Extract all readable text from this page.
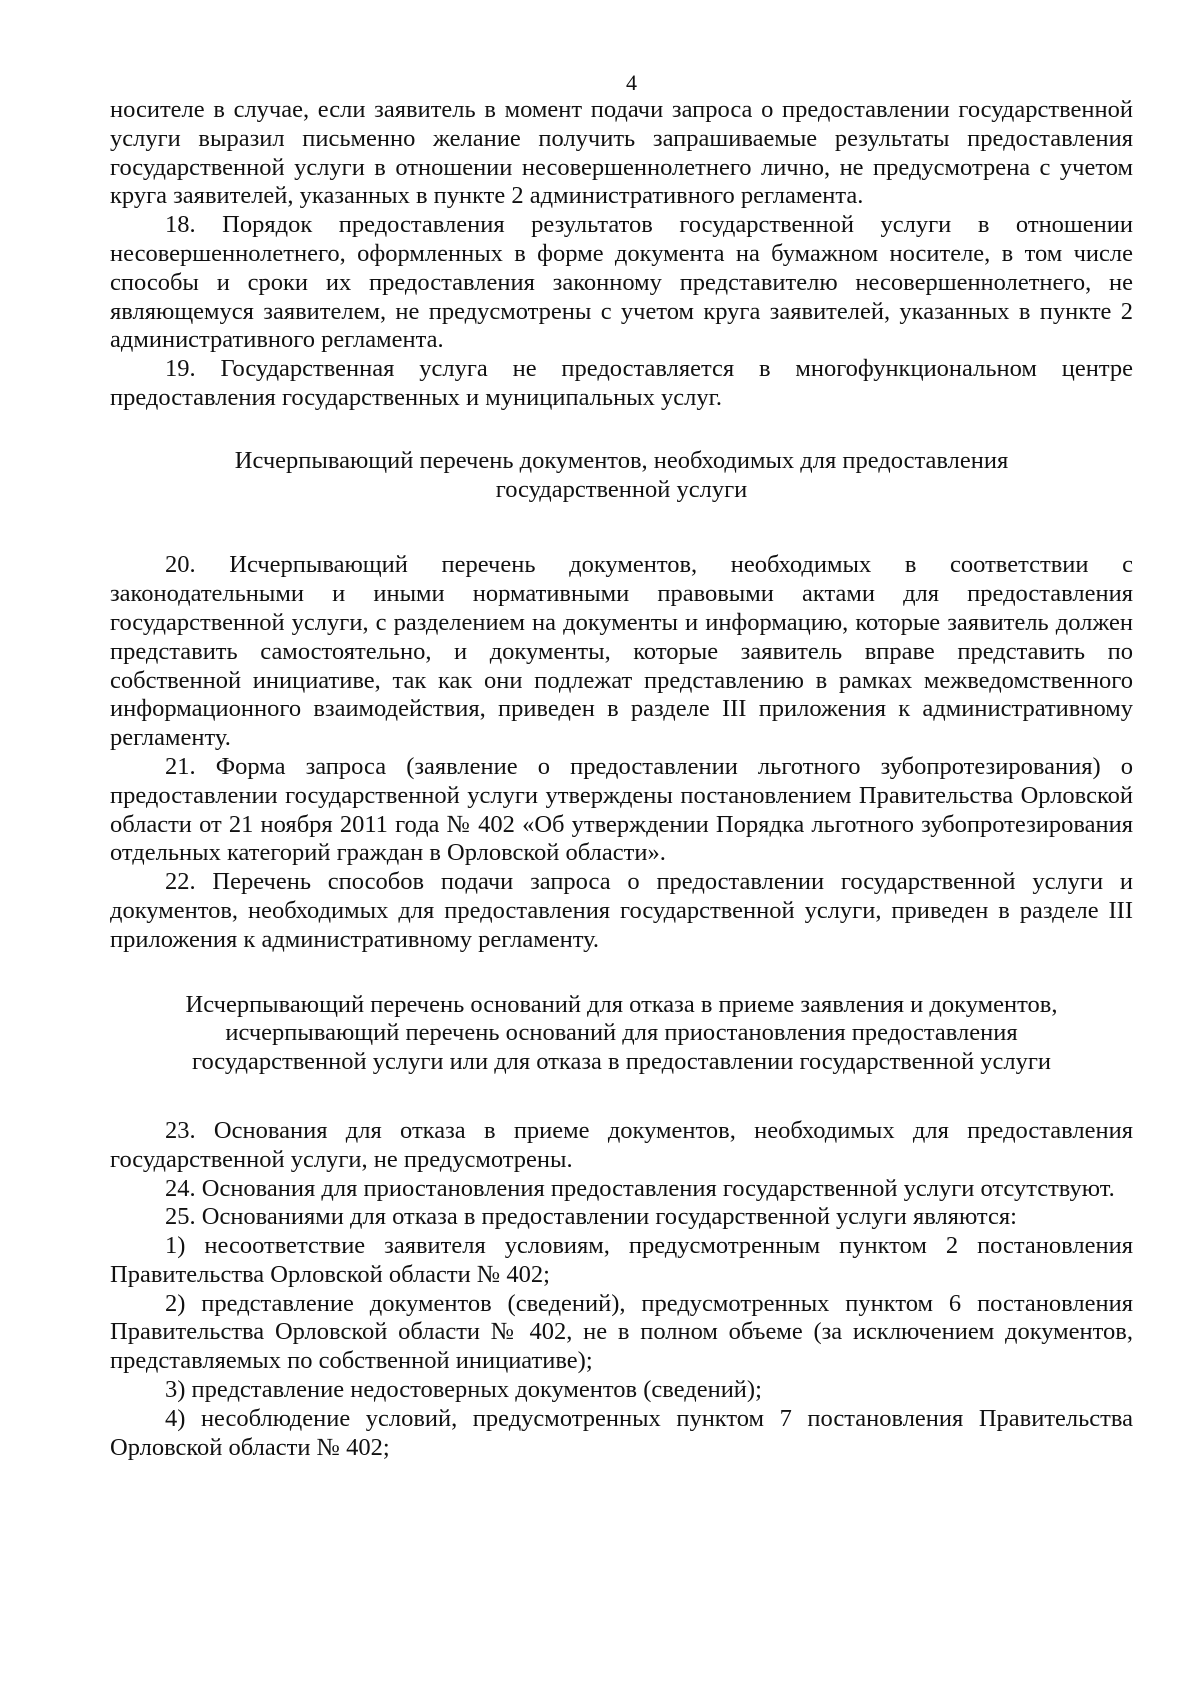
4

носителе в случае, если заявитель в момент подачи запроса о предоставлении государственной услуги выразил письменно желание получить запрашиваемые результаты предоставления государственной услуги в отношении несовершеннолетнего лично, не предусмотрена с учетом круга заявителей, указанных в пункте 2 административного регламента.

18. Порядок предоставления результатов государственной услуги в отношении несовершеннолетнего, оформленных в форме документа на бумажном носителе, в том числе способы и сроки их предоставления законному представителю несовершеннолетнего, не являющемуся заявителем, не предусмотрены с учетом круга заявителей, указанных в пункте 2 административного регламента.

19. Государственная услуга не предоставляется в многофункциональном центре предоставления государственных и муниципальных услуг.

Исчерпывающий перечень документов, необходимых для предоставления
государственной услуги

20. Исчерпывающий перечень документов, необходимых в соответствии с законодательными и иными нормативными правовыми актами для предоставления государственной услуги, с разделением на документы и информацию, которые заявитель должен представить самостоятельно, и документы, которые заявитель вправе представить по собственной инициативе, так как они подлежат представлению в рамках межведомственного информационного взаимодействия, приведен в разделе III приложения к административному регламенту.

21. Форма запроса (заявление о предоставлении льготного зубопротезирования) о предоставлении государственной услуги утверждены постановлением Правительства Орловской области от 21 ноября 2011 года № 402 «Об утверждении Порядка льготного зубопротезирования отдельных категорий граждан в Орловской области».

22. Перечень способов подачи запроса о предоставлении государственной услуги и документов, необходимых для предоставления государственной услуги, приведен в разделе III приложения к административному регламенту.

Исчерпывающий перечень оснований для отказа в приеме заявления и документов,
исчерпывающий перечень оснований для приостановления предоставления
государственной услуги или для отказа в предоставлении государственной услуги

23. Основания для отказа в приеме документов, необходимых для предоставления государственной услуги, не предусмотрены.

24. Основания для приостановления предоставления государственной услуги отсутствуют.

25. Основаниями для отказа в предоставлении государственной услуги являются:

1) несоответствие заявителя условиям, предусмотренным пунктом 2 постановления Правительства Орловской области № 402;

2) представление документов (сведений), предусмотренных пунктом 6 постановления Правительства Орловской области № 402, не в полном объеме (за исключением документов, представляемых по собственной инициативе);

3) представление недостоверных документов (сведений);

4) несоблюдение условий, предусмотренных пунктом 7 постановления Правительства Орловской области № 402;
